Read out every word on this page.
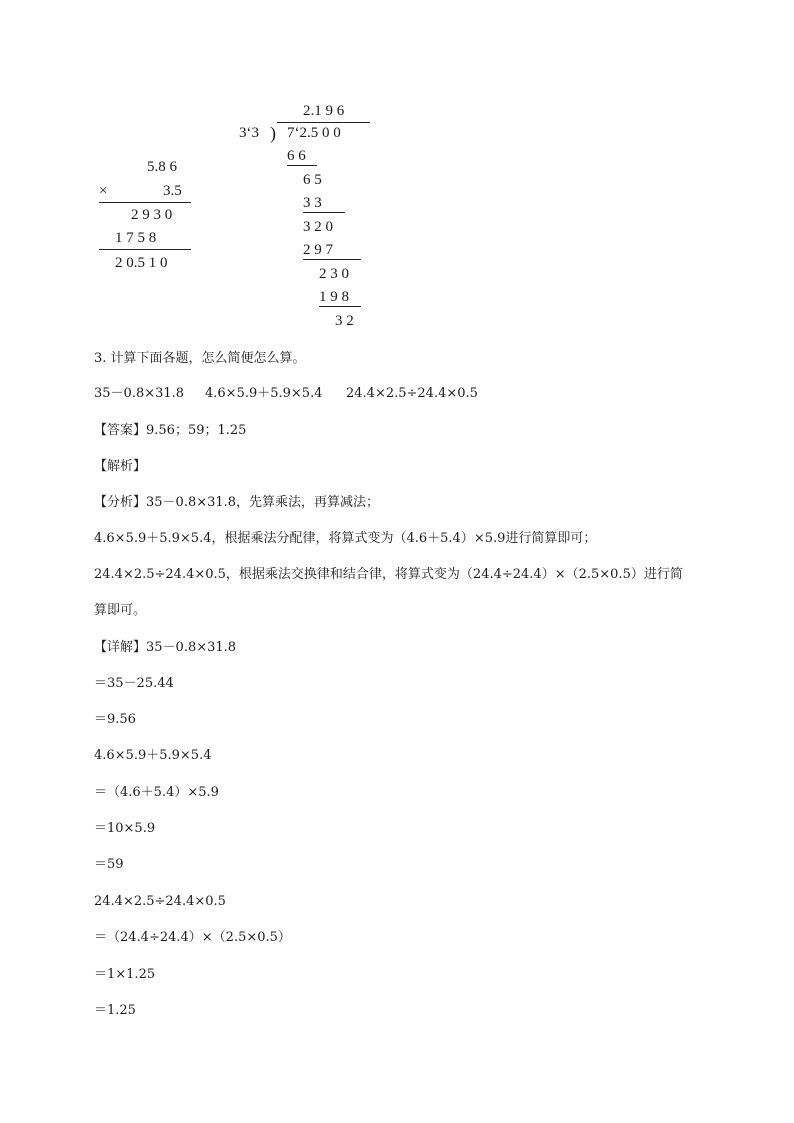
5.8 6
×	3.5
2 9 3 0
1 7 5 8
2 0.5 1 0
2.1 9 6
3‘3 ) 7‘2.5 0 0
6 6
6 5
3 3
3 2 0
2 9 7
2 3 0
1 9 8
3 2
3. 计算下面各题，怎么简便怎么算。
35－0.8×31.8 4.6×5.9＋5.9×5.4 24.4×2.5÷24.4×0.5
【答案】9.56；59；1.25
【解析】
【分析】35－0.8×31.8，先算乘法，再算减法；
4.6×5.9＋5.9×5.4，根据乘法分配律，将算式变为（4.6＋5.4）×5.9进行简算即可；
24.4×2.5÷24.4×0.5，根据乘法交换律和结合律，将算式变为（24.4÷24.4）×（2.5×0.5）进行简
算即可。
【详解】35－0.8×31.8
＝35－25.44
＝9.56
4.6×5.9＋5.9×5.4
＝（4.6＋5.4）×5.9
＝10×5.9
＝59
24.4×2.5÷24.4×0.5
＝（24.4÷24.4）×（2.5×0.5）
＝1×1.25
＝1.25
